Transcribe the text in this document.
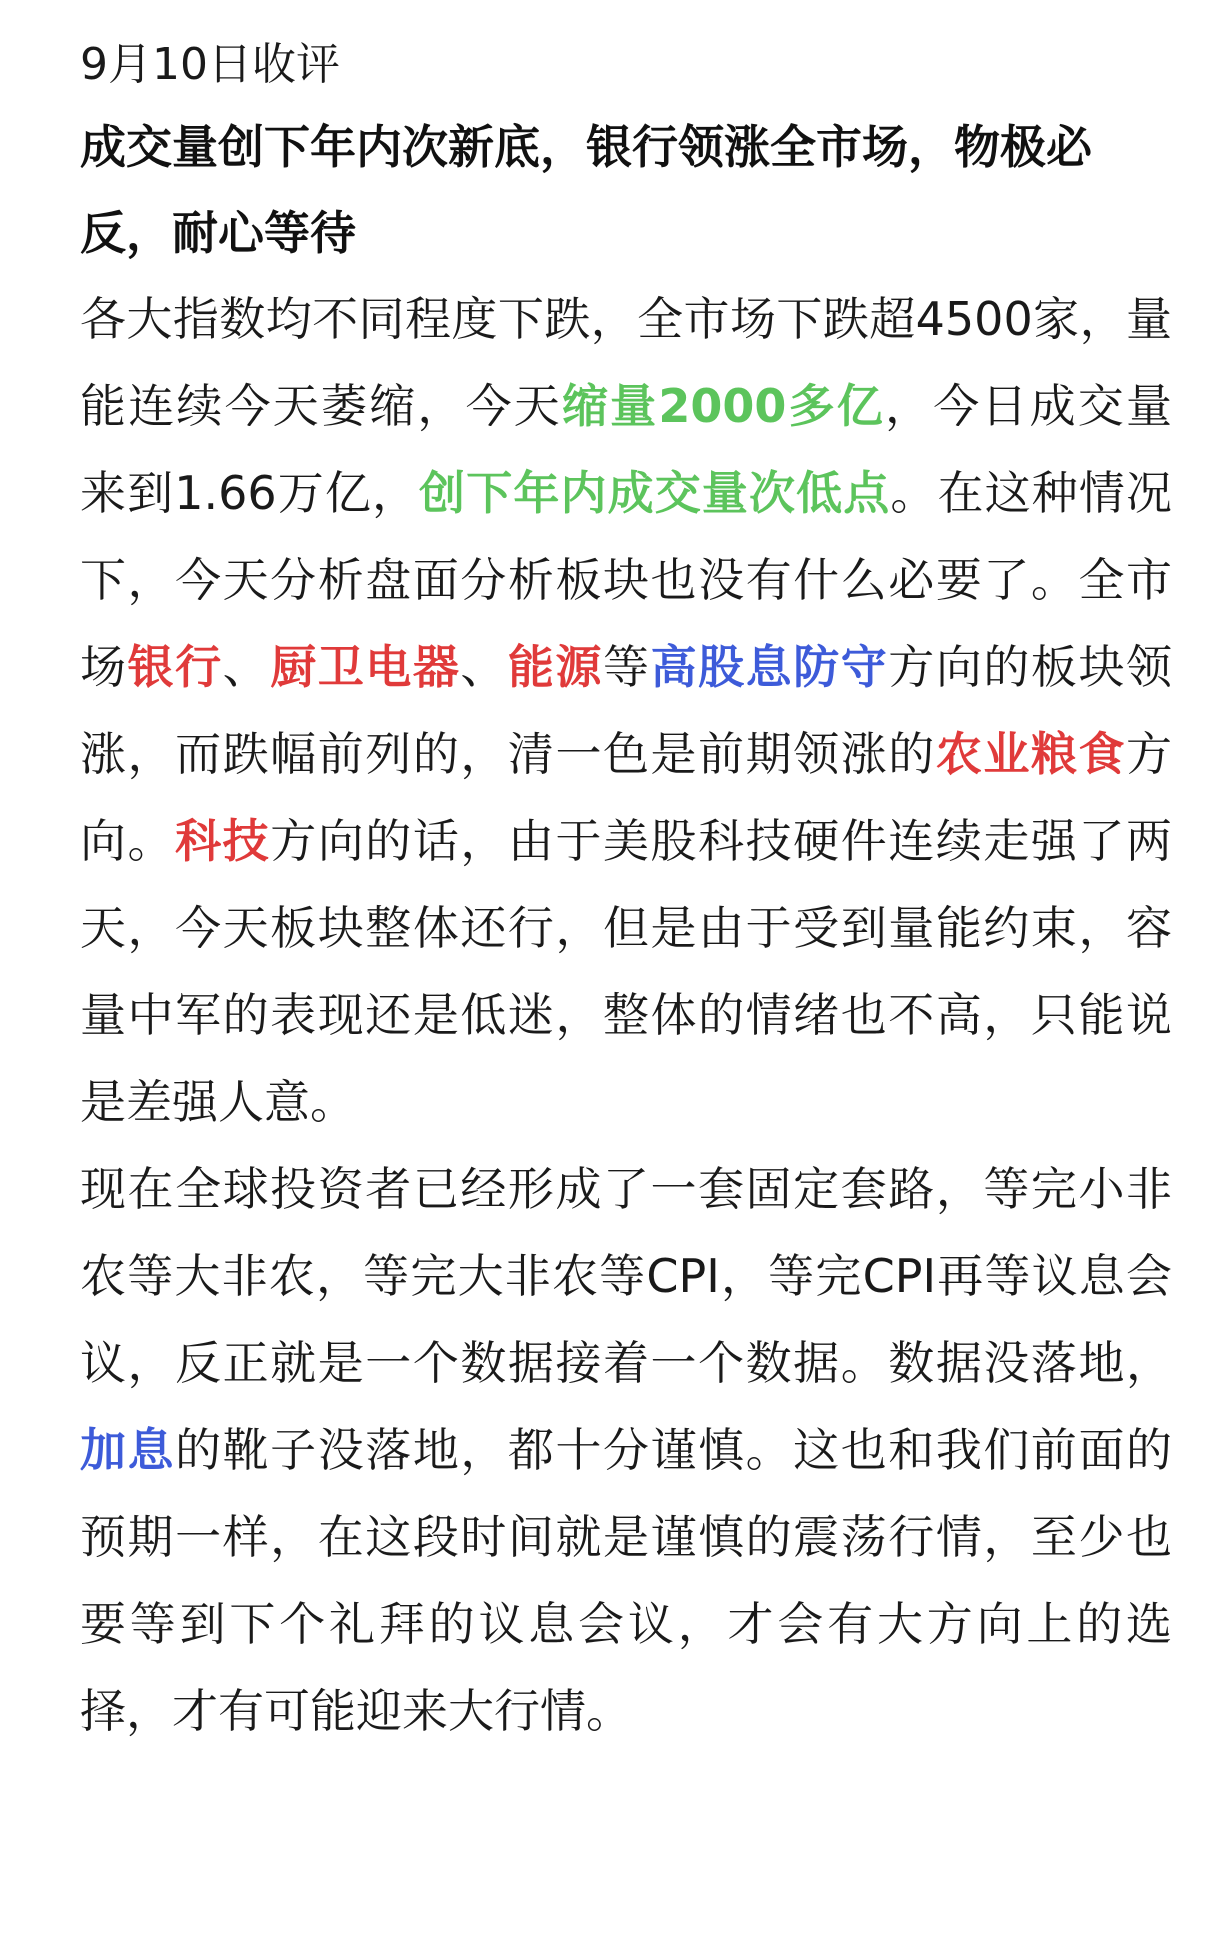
9月10日收评

成交量创下年内次新底，银行领涨全市场，物极必反，耐心等待

各大指数均不同程度下跌，全市场下跌超4500家，量能连续今天萎缩，今天缩量2000多亿，今日成交量来到1.66万亿，创下年内成交量次低点。在这种情况下，今天分析盘面分析板块也没有什么必要了。全市场银行、厨卫电器、能源等高股息防守方向的板块领涨，而跌幅前列的，清一色是前期领涨的农业粮食方向。科技方向的话，由于美股科技硬件连续走强了两天，今天板块整体还行，但是由于受到量能约束，容量中军的表现还是低迷，整体的情绪也不高，只能说是差强人意。

现在全球投资者已经形成了一套固定套路，等完小非农等大非农，等完大非农等CPI，等完CPI再等议息会议，反正就是一个数据接着一个数据。数据没落地，加息的靴子没落地，都十分谨慎。这也和我们前面的预期一样，在这段时间就是谨慎的震荡行情，至少也要等到下个礼拜的议息会议，才会有大方向上的选择，才有可能迎来大行情。
